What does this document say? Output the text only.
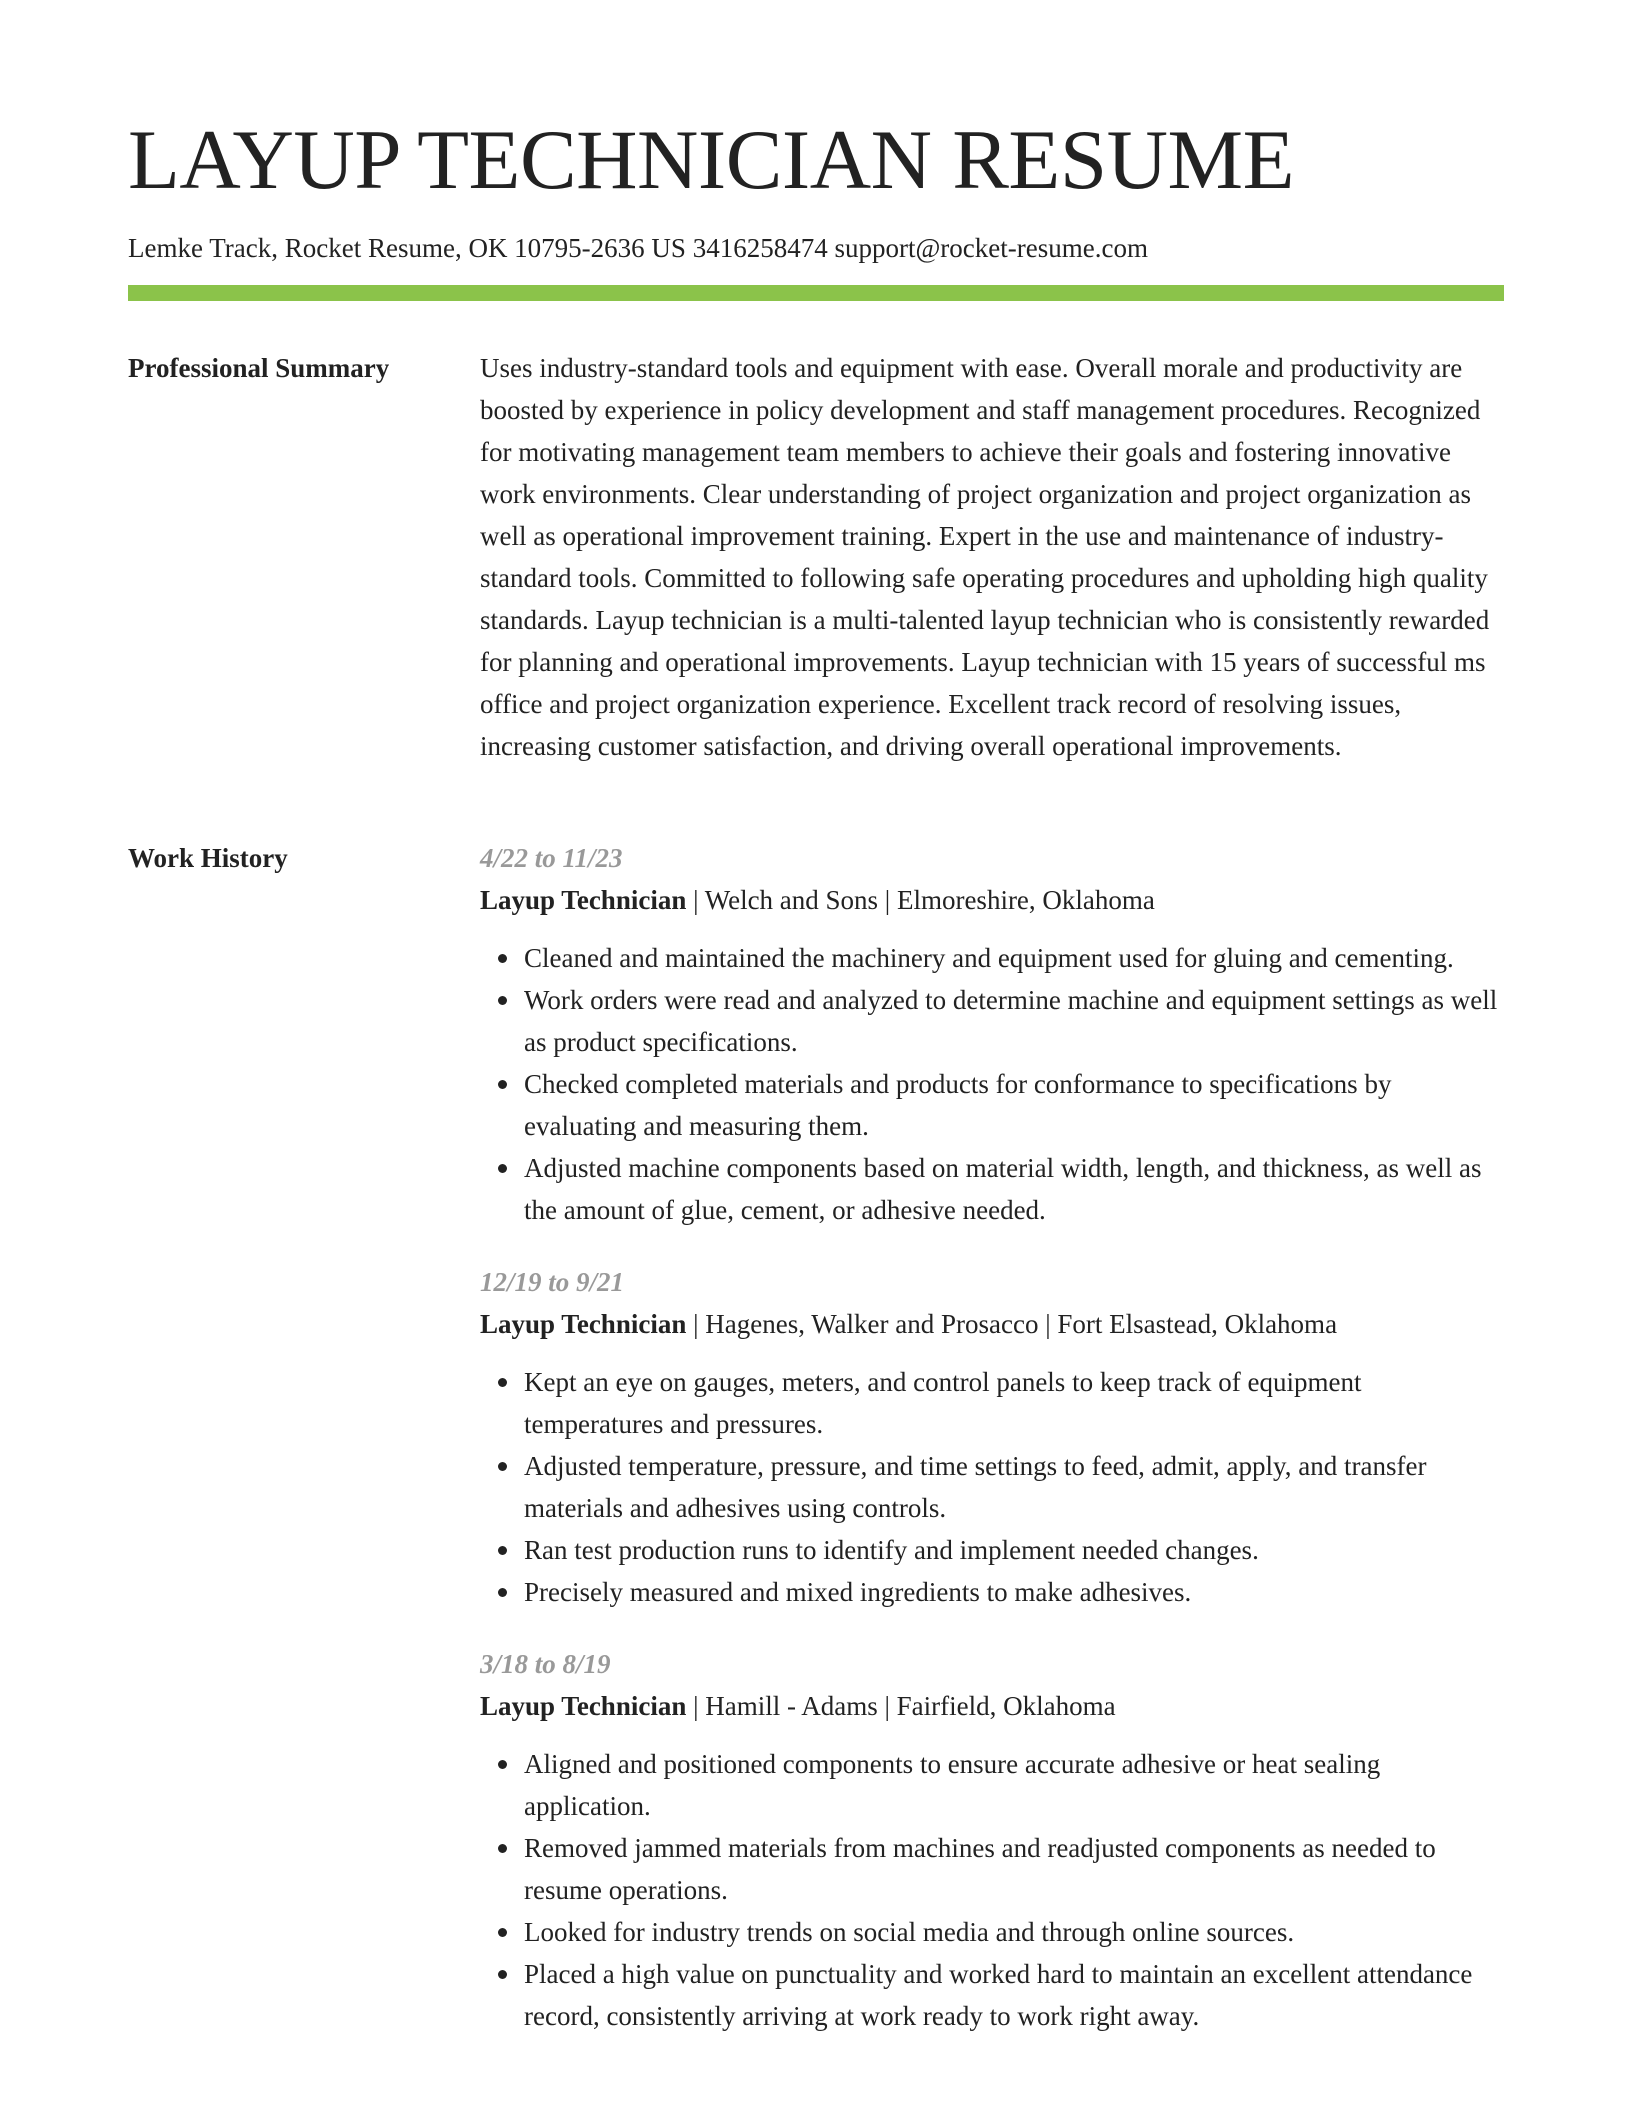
LAYUP TECHNICIAN RESUME
Lemke Track, Rocket Resume, OK 10795-2636 US 3416258474 support@rocket-resume.com
Professional Summary	Uses industry-standard tools and equipment with ease. Overall morale and productivity are boosted by experience in policy development and staff management procedures. Recognized for motivating management team members to achieve their goals and fostering innovative work environments. Clear understanding of project organization and project organization as well as operational improvement training. Expert in the use and maintenance of industry-standard tools. Committed to following safe operating procedures and upholding high quality standards. Layup technician is a multi-talented layup technician who is consistently rewarded for planning and operational improvements. Layup technician with 15 years of successful ms office and project organization experience. Excellent track record of resolving issues, increasing customer satisfaction, and driving overall operational improvements.

Work History	4/22 to 11/23
Layup Technician | Welch and Sons | Elmoreshire, Oklahoma
Cleaned and maintained the machinery and equipment used for gluing and cementing.
Work orders were read and analyzed to determine machine and equipment settings as well as product specifications.
Checked completed materials and products for conformance to specifications by evaluating and measuring them.
Adjusted machine components based on material width, length, and thickness, as well as the amount of glue, cement, or adhesive needed.
12/19 to 9/21
Layup Technician | Hagenes, Walker and Prosacco | Fort Elsastead, Oklahoma
Kept an eye on gauges, meters, and control panels to keep track of equipment temperatures and pressures.
Adjusted temperature, pressure, and time settings to feed, admit, apply, and transfer materials and adhesives using controls.
Ran test production runs to identify and implement needed changes.
Precisely measured and mixed ingredients to make adhesives.
3/18 to 8/19
Layup Technician | Hamill - Adams | Fairfield, Oklahoma
Aligned and positioned components to ensure accurate adhesive or heat sealing application.
Removed jammed materials from machines and readjusted components as needed to resume operations.
Looked for industry trends on social media and through online sources.
Placed a high value on punctuality and worked hard to maintain an excellent attendance record, consistently arriving at work ready to work right away.
